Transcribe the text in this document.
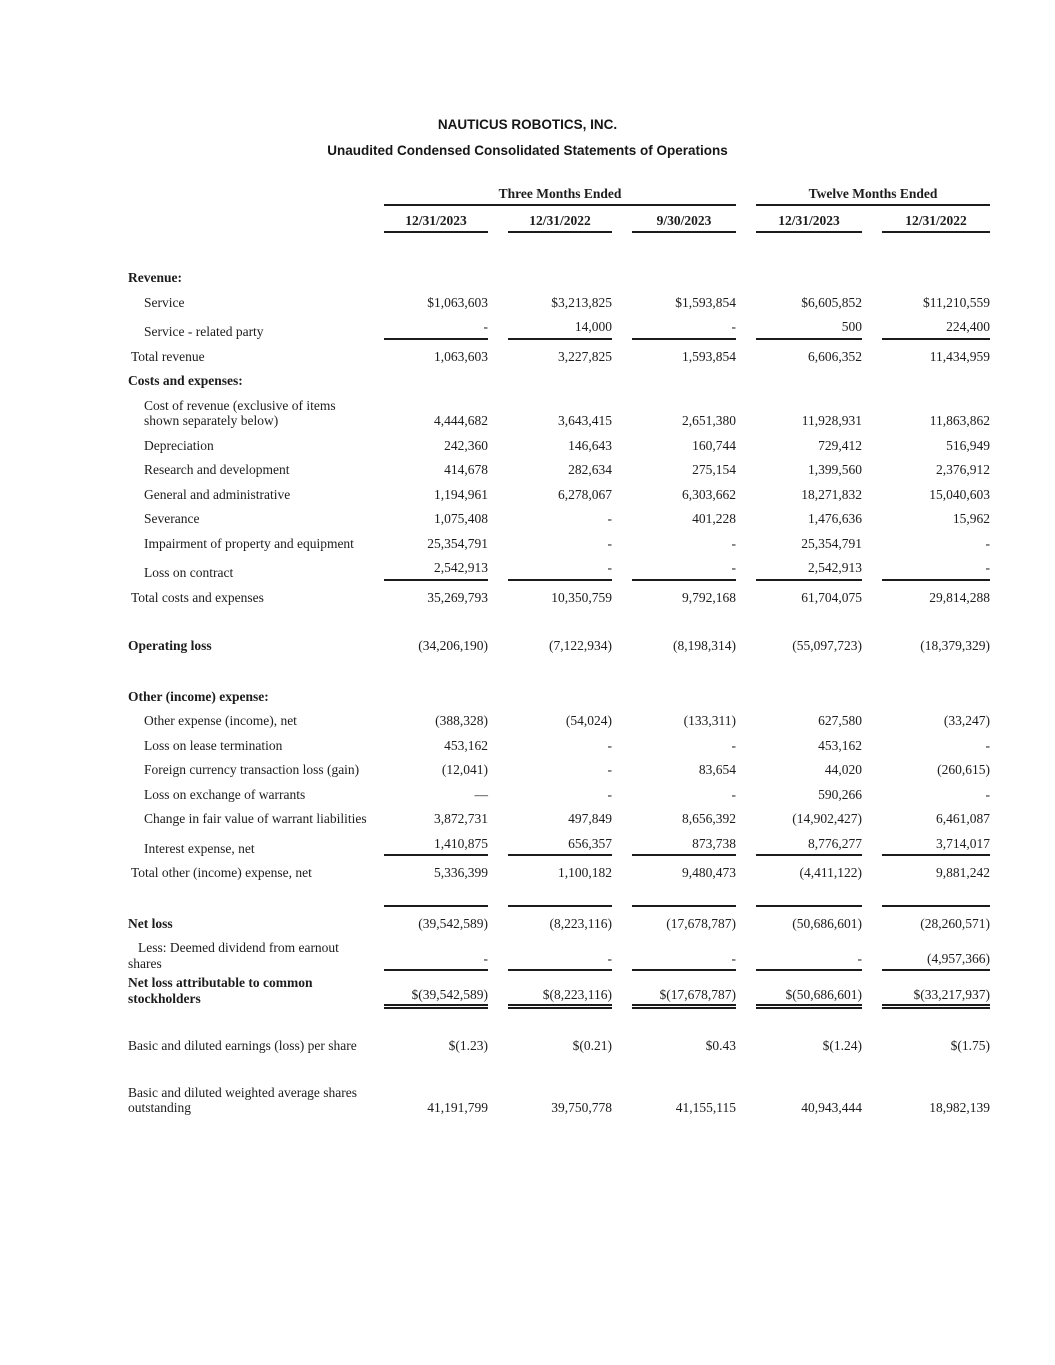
NAUTICUS ROBOTICS, INC.
Unaudited Condensed Consolidated Statements of Operations
Three Months Ended	Twelve Months Ended
12/31/2023	12/31/2022	9/30/2023	12/31/2023	12/31/2022
Revenue:
Service	$1,063,603	$3,213,825	$1,593,854	$6,605,852	$11,210,559
Service - related party	-	14,000	-	500	224,400
Total revenue	1,063,603	3,227,825	1,593,854	6,606,352	11,434,959
Costs and expenses:
Cost of revenue (exclusive of items shown separately below)	4,444,682	3,643,415	2,651,380	11,928,931	11,863,862
Depreciation	242,360	146,643	160,744	729,412	516,949
Research and development	414,678	282,634	275,154	1,399,560	2,376,912
General and administrative	1,194,961	6,278,067	6,303,662	18,271,832	15,040,603
Severance	1,075,408	-	401,228	1,476,636	15,962
Impairment of property and equipment	25,354,791	-	-	25,354,791	-
Loss on contract	2,542,913	-	-	2,542,913	-
Total costs and expenses	35,269,793	10,350,759	9,792,168	61,704,075	29,814,288
Operating loss	(34,206,190)	(7,122,934)	(8,198,314)	(55,097,723)	(18,379,329)
Other (income) expense:
Other expense (income), net	(388,328)	(54,024)	(133,311)	627,580	(33,247)
Loss on lease termination	453,162	-	-	453,162	-
Foreign currency transaction loss (gain)	(12,041)	-	83,654	44,020	(260,615)
Loss on exchange of warrants	—	-	-	590,266	-
Change in fair value of warrant liabilities	3,872,731	497,849	8,656,392	(14,902,427)	6,461,087
Interest expense, net	1,410,875	656,357	873,738	8,776,277	3,714,017
Total other (income) expense, net	5,336,399	1,100,182	9,480,473	(4,411,122)	9,881,242
Net loss	(39,542,589)	(8,223,116)	(17,678,787)	(50,686,601)	(28,260,571)
Less: Deemed dividend from earnout shares	-	-	-	-	(4,957,366)
Net loss attributable to common stockholders	$(39,542,589)	$(8,223,116)	$(17,678,787)	$(50,686,601)	$(33,217,937)
Basic and diluted earnings (loss) per share	$(1.23)	$(0.21)	$0.43	$(1.24)	$(1.75)
Basic and diluted weighted average shares outstanding	41,191,799	39,750,778	41,155,115	40,943,444	18,982,139
